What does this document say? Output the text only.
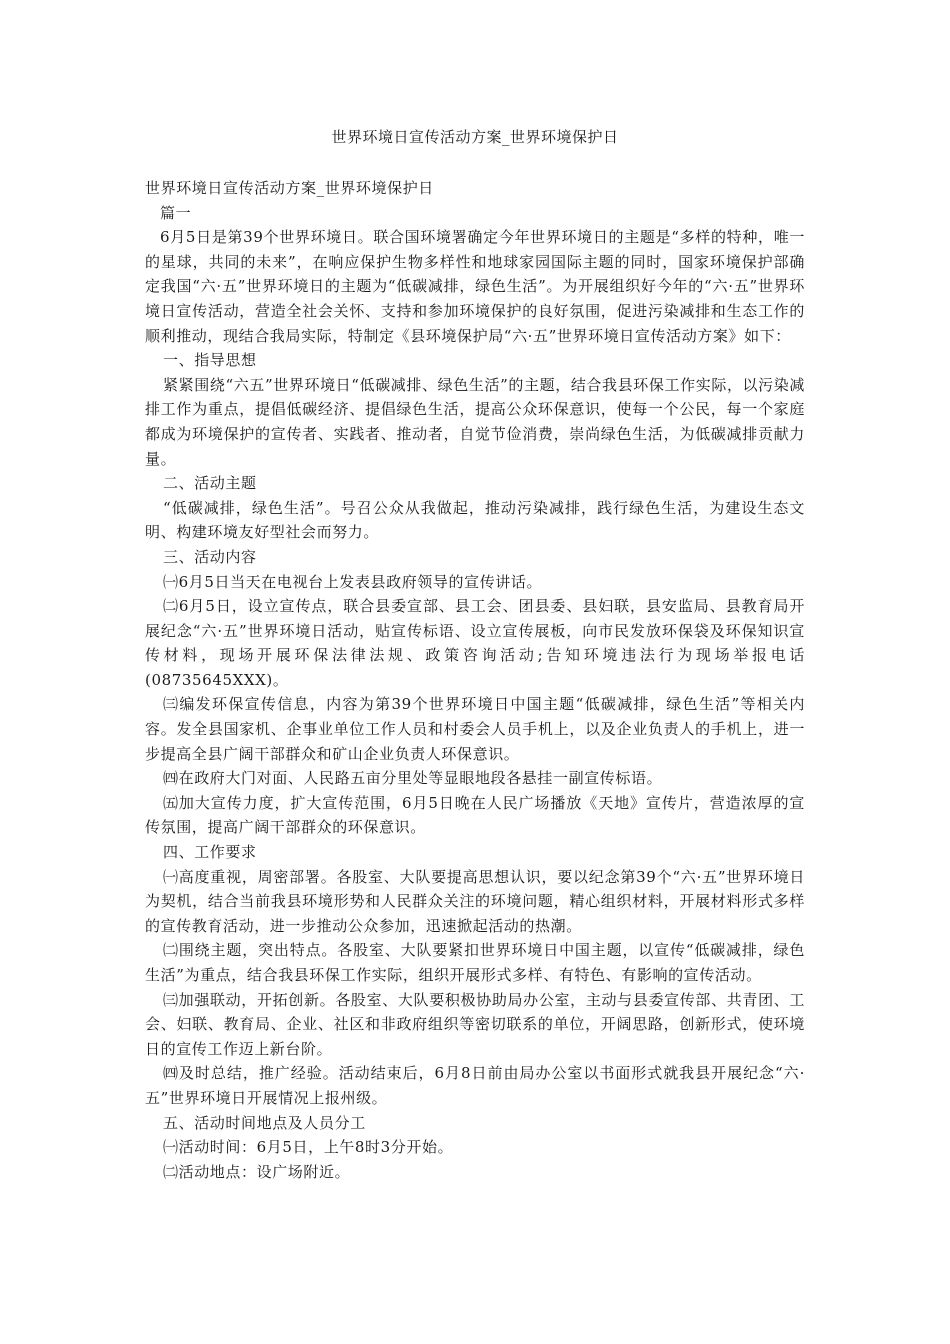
世界环境日宣传活动方案_世界环境保护日

世界环境日宣传活动方案_世界环境保护日

篇一

6月5日是第39个世界环境日。联合国环境署确定今年世界环境日的主题是“多样的特种，唯一的星球，共同的未来”，在响应保护生物多样性和地球家园国际主题的同时，国家环境保护部确定我国“六·五”世界环境日的主题为“低碳减排，绿色生活”。为开展组织好今年的“六·五”世界环境日宣传活动，营造全社会关怀、支持和参加环境保护的良好氛围，促进污染减排和生态工作的顺利推动，现结合我局实际，特制定《县环境保护局“六·五”世界环境日宣传活动方案》如下：

一、指导思想

紧紧围绕“六五”世界环境日“低碳减排、绿色生活”的主题，结合我县环保工作实际，以污染减排工作为重点，提倡低碳经济、提倡绿色生活，提高公众环保意识，使每一个公民，每一个家庭都成为环境保护的宣传者、实践者、推动者，自觉节俭消费，崇尚绿色生活，为低碳减排贡献力量。

二、活动主题

“低碳减排，绿色生活”。号召公众从我做起，推动污染减排，践行绿色生活，为建设生态文明、构建环境友好型社会而努力。

三、活动内容

㈠6月5日当天在电视台上发表县政府领导的宣传讲话。

㈡6月5日，设立宣传点，联合县委宣部、县工会、团县委、县妇联，县安监局、县教育局开展纪念“六·五”世界环境日活动，贴宣传标语、设立宣传展板，向市民发放环保袋及环保知识宣传材料，现场开展环保法律法规、政策咨询活动;告知环境违法行为现场举报电话(08735645XXX)。

㈢编发环保宣传信息，内容为第39个世界环境日中国主题“低碳减排，绿色生活”等相关内容。发全县国家机、企事业单位工作人员和村委会人员手机上，以及企业负责人的手机上，进一步提高全县广阔干部群众和矿山企业负责人环保意识。

㈣在政府大门对面、人民路五亩分里处等显眼地段各悬挂一副宣传标语。

㈤加大宣传力度，扩大宣传范围，6月5日晚在人民广场播放《天地》宣传片，营造浓厚的宣传氛围，提高广阔干部群众的环保意识。

四、工作要求

㈠高度重视，周密部署。各股室、大队要提高思想认识，要以纪念第39个“六·五”世界环境日为契机，结合当前我县环境形势和人民群众关注的环境问题，精心组织材料，开展材料形式多样的宣传教育活动，进一步推动公众参加，迅速掀起活动的热潮。

㈡围绕主题，突出特点。各股室、大队要紧扣世界环境日中国主题，以宣传“低碳减排，绿色生活”为重点，结合我县环保工作实际，组织开展形式多样、有特色、有影响的宣传活动。

㈢加强联动，开拓创新。各股室、大队要积极协助局办公室，主动与县委宣传部、共青团、工会、妇联、教育局、企业、社区和非政府组织等密切联系的单位，开阔思路，创新形式，使环境日的宣传工作迈上新台阶。

㈣及时总结，推广经验。活动结束后，6月8日前由局办公室以书面形式就我县开展纪念“六·五”世界环境日开展情况上报州级。

五、活动时间地点及人员分工

㈠活动时间：6月5日，上午8时3分开始。

㈡活动地点：设广场附近。
